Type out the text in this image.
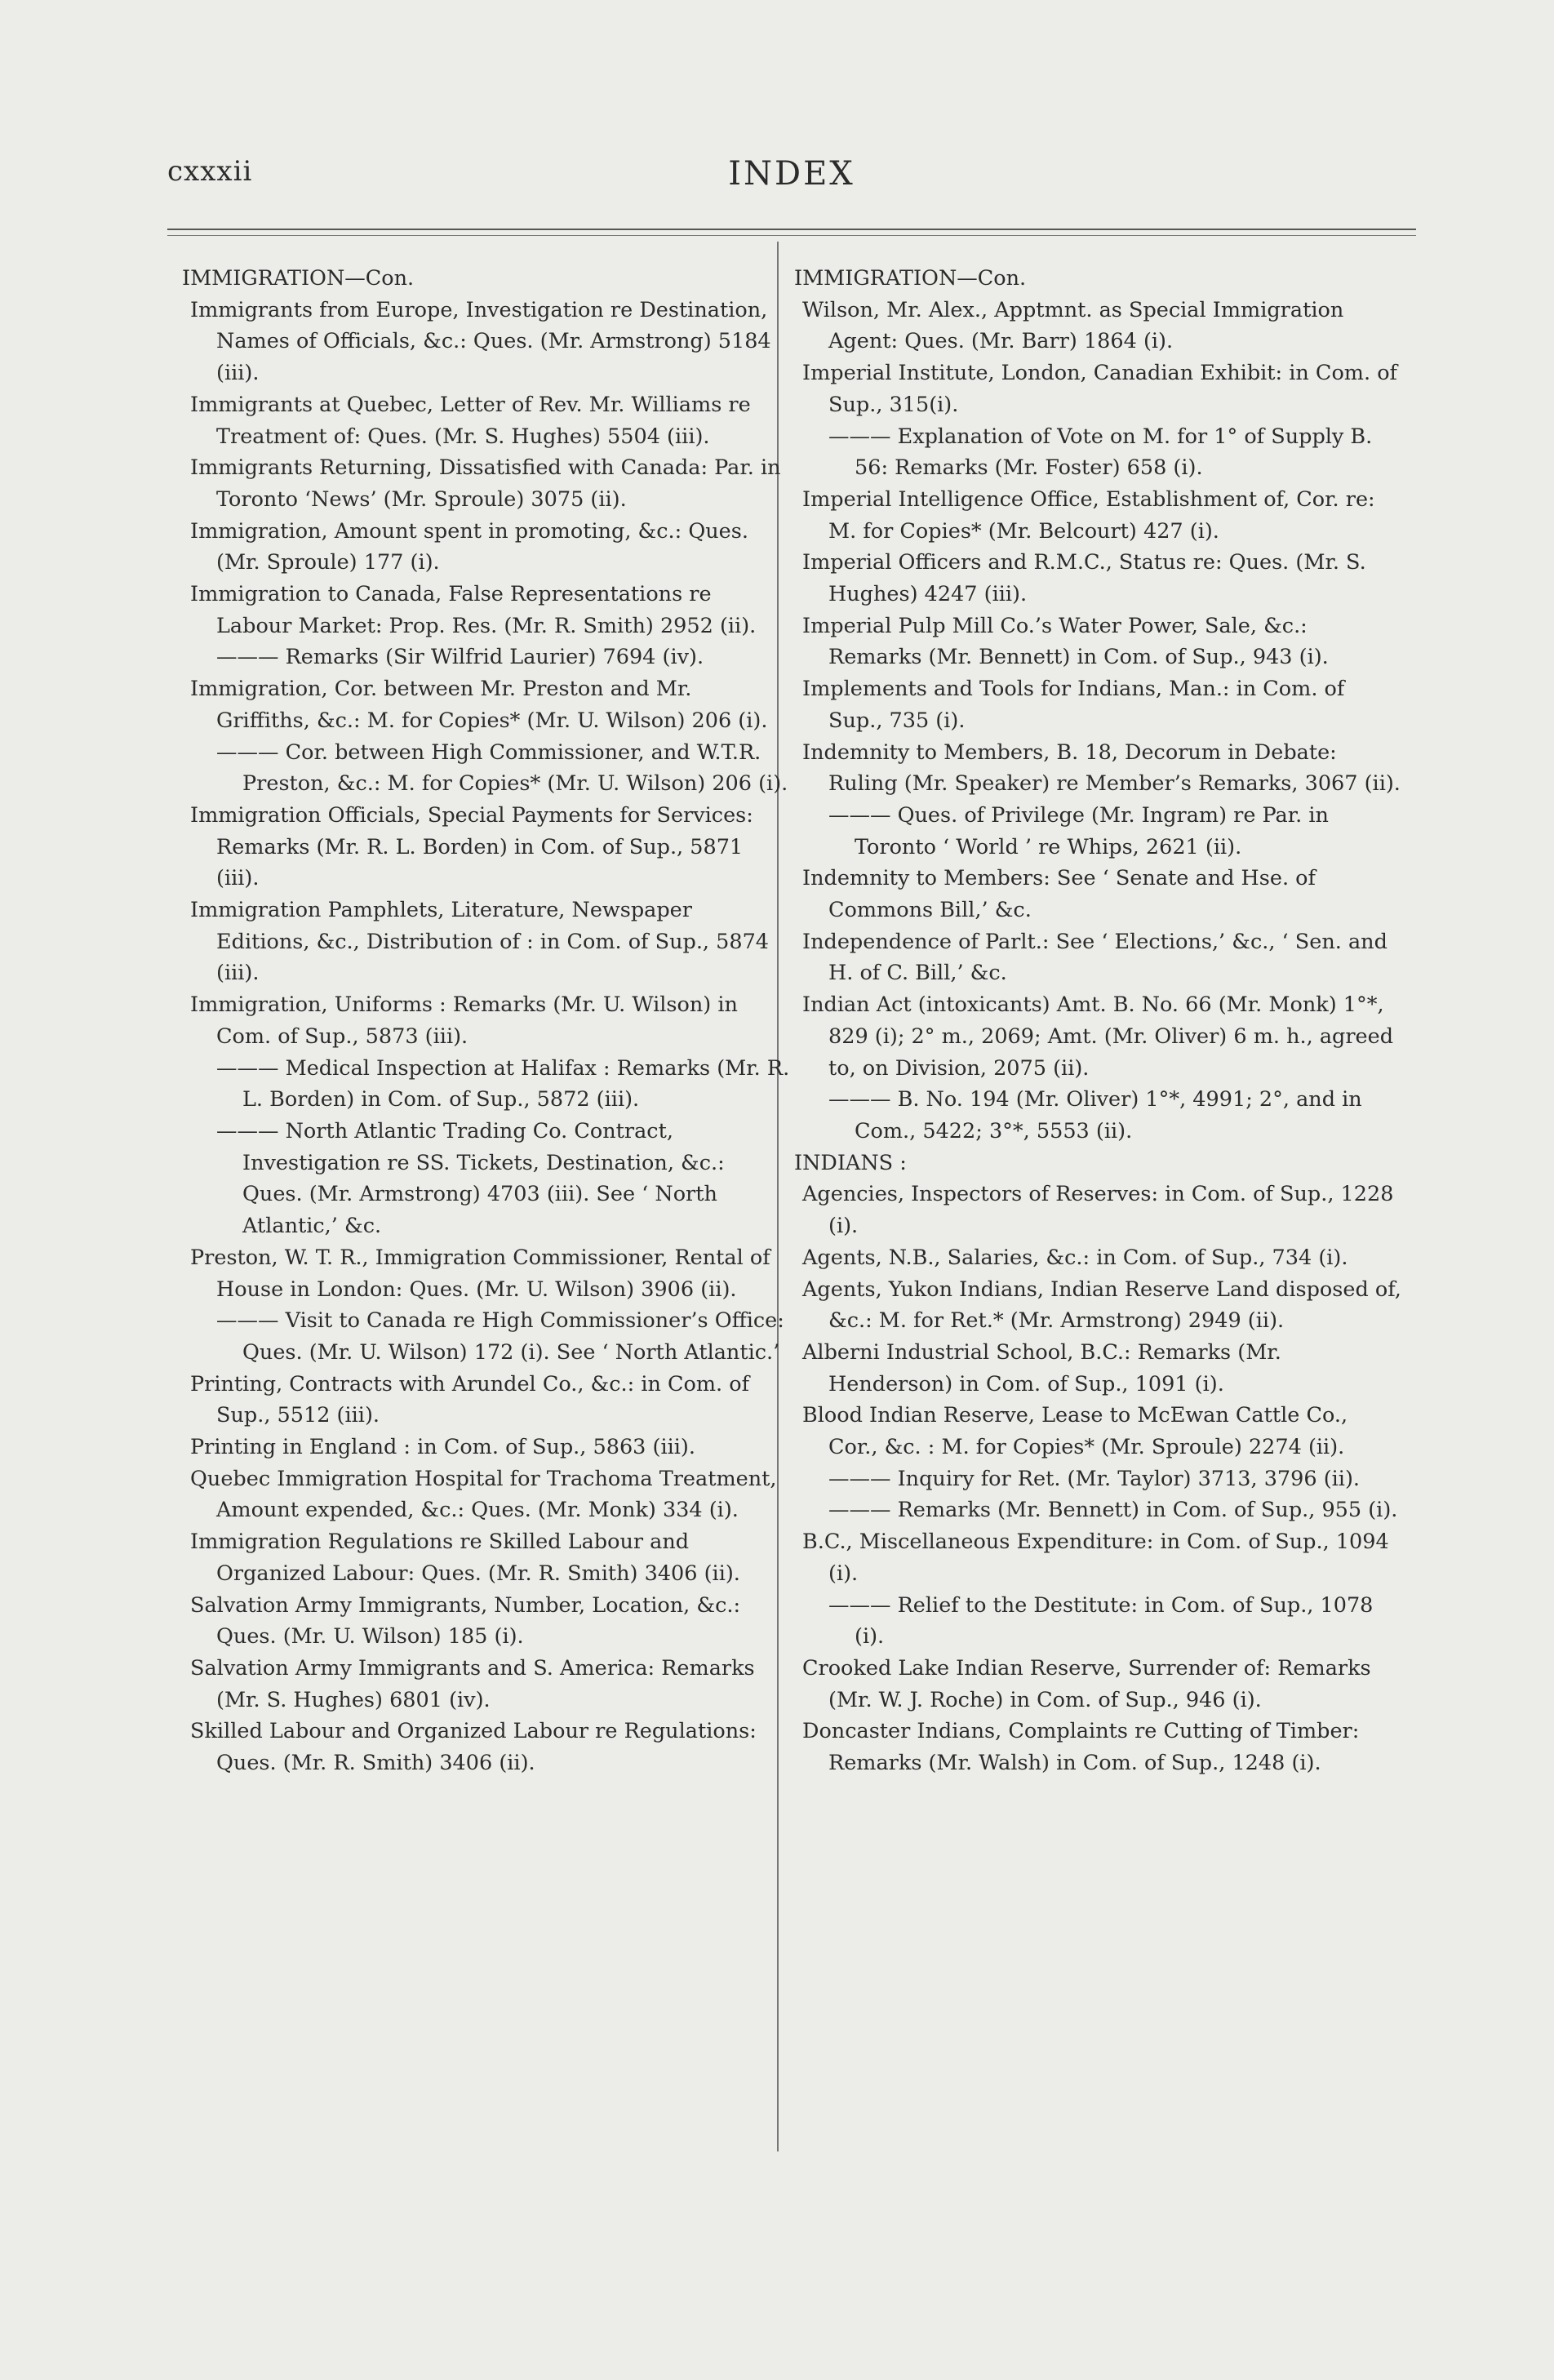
cxxxii	INDEX
IMMIGRATION—Con.
Immigrants from Europe, Investigation re Destination, Names of Officials, &c.: Ques. (Mr. Armstrong) 5184 (iii).
Immigrants at Quebec, Letter of Rev. Mr. Williams re Treatment of: Ques. (Mr. S. Hughes) 5504 (iii).
Immigrants Returning, Dissatisfied with Canada: Par. in Toronto ‘News’ (Mr. Sproule) 3075 (ii).
Immigration, Amount spent in promoting, &c.: Ques. (Mr. Sproule) 177 (i).
Immigration to Canada, False Representations re Labour Market: Prop. Res. (Mr. R. Smith) 2952 (ii).
——— Remarks (Sir Wilfrid Laurier) 7694 (iv).
Immigration, Cor. between Mr. Preston and Mr. Griffiths, &c.: M. for Copies* (Mr. U. Wilson) 206 (i).
——— Cor. between High Commissioner, and W.T.R. Preston, &c.: M. for Copies* (Mr. U. Wilson) 206 (i).
Immigration Officials, Special Payments for Services: Remarks (Mr. R. L. Borden) in Com. of Sup., 5871 (iii).
Immigration Pamphlets, Literature, Newspaper Editions, &c., Distribution of : in Com. of Sup., 5874 (iii).
Immigration, Uniforms : Remarks (Mr. U. Wilson) in Com. of Sup., 5873 (iii).
——— Medical Inspection at Halifax : Remarks (Mr. R. L. Borden) in Com. of Sup., 5872 (iii).
——— North Atlantic Trading Co. Contract, Investigation re SS. Tickets, Destination, &c.: Ques. (Mr. Armstrong) 4703 (iii). See ‘ North Atlantic,’ &c.
Preston, W. T. R., Immigration Commissioner, Rental of House in London: Ques. (Mr. U. Wilson) 3906 (ii).
——— Visit to Canada re High Commissioner’s Office: Ques. (Mr. U. Wilson) 172 (i). See ‘ North Atlantic.’
Printing, Contracts with Arundel Co., &c.: in Com. of Sup., 5512 (iii).
Printing in England : in Com. of Sup., 5863 (iii).
Quebec Immigration Hospital for Trachoma Treatment, Amount expended, &c.: Ques. (Mr. Monk) 334 (i).
Immigration Regulations re Skilled Labour and Organized Labour: Ques. (Mr. R. Smith) 3406 (ii).
Salvation Army Immigrants, Number, Location, &c.: Ques. (Mr. U. Wilson) 185 (i).
Salvation Army Immigrants and S. America: Remarks (Mr. S. Hughes) 6801 (iv).
Skilled Labour and Organized Labour re Regulations: Ques. (Mr. R. Smith) 3406 (ii).
IMMIGRATION—Con.
Wilson, Mr. Alex., Apptmnt. as Special Immigration Agent: Ques. (Mr. Barr) 1864 (i).
Imperial Institute, London, Canadian Exhibit: in Com. of Sup., 315(i).
——— Explanation of Vote on M. for 1° of Supply B. 56: Remarks (Mr. Foster) 658 (i).
Imperial Intelligence Office, Establishment of, Cor. re: M. for Copies* (Mr. Belcourt) 427 (i).
Imperial Officers and R.M.C., Status re: Ques. (Mr. S. Hughes) 4247 (iii).
Imperial Pulp Mill Co.’s Water Power, Sale, &c.: Remarks (Mr. Bennett) in Com. of Sup., 943 (i).
Implements and Tools for Indians, Man.: in Com. of Sup., 735 (i).
Indemnity to Members, B. 18, Decorum in Debate: Ruling (Mr. Speaker) re Member’s Remarks, 3067 (ii).
——— Ques. of Privilege (Mr. Ingram) re Par. in Toronto ‘ World ’ re Whips, 2621 (ii).
Indemnity to Members: See ‘ Senate and Hse. of Commons Bill,’ &c.
Independence of Parlt.: See ‘ Elections,’ &c., ‘ Sen. and H. of C. Bill,’ &c.
Indian Act (intoxicants) Amt. B. No. 66 (Mr. Monk) 1°*, 829 (i); 2° m., 2069; Amt. (Mr. Oliver) 6 m. h., agreed to, on Division, 2075 (ii).
——— B. No. 194 (Mr. Oliver) 1°*, 4991; 2°, and in Com., 5422; 3°*, 5553 (ii).
INDIANS :
Agencies, Inspectors of Reserves: in Com. of Sup., 1228 (i).
Agents, N.B., Salaries, &c.: in Com. of Sup., 734 (i).
Agents, Yukon Indians, Indian Reserve Land disposed of, &c.: M. for Ret.* (Mr. Armstrong) 2949 (ii).
Alberni Industrial School, B.C.: Remarks (Mr. Henderson) in Com. of Sup., 1091 (i).
Blood Indian Reserve, Lease to McEwan Cattle Co., Cor., &c. : M. for Copies* (Mr. Sproule) 2274 (ii).
——— Inquiry for Ret. (Mr. Taylor) 3713, 3796 (ii).
——— Remarks (Mr. Bennett) in Com. of Sup., 955 (i).
B.C., Miscellaneous Expenditure: in Com. of Sup., 1094 (i).
——— Relief to the Destitute: in Com. of Sup., 1078 (i).
Crooked Lake Indian Reserve, Surrender of: Remarks (Mr. W. J. Roche) in Com. of Sup., 946 (i).
Doncaster Indians, Complaints re Cutting of Timber: Remarks (Mr. Walsh) in Com. of Sup., 1248 (i).
